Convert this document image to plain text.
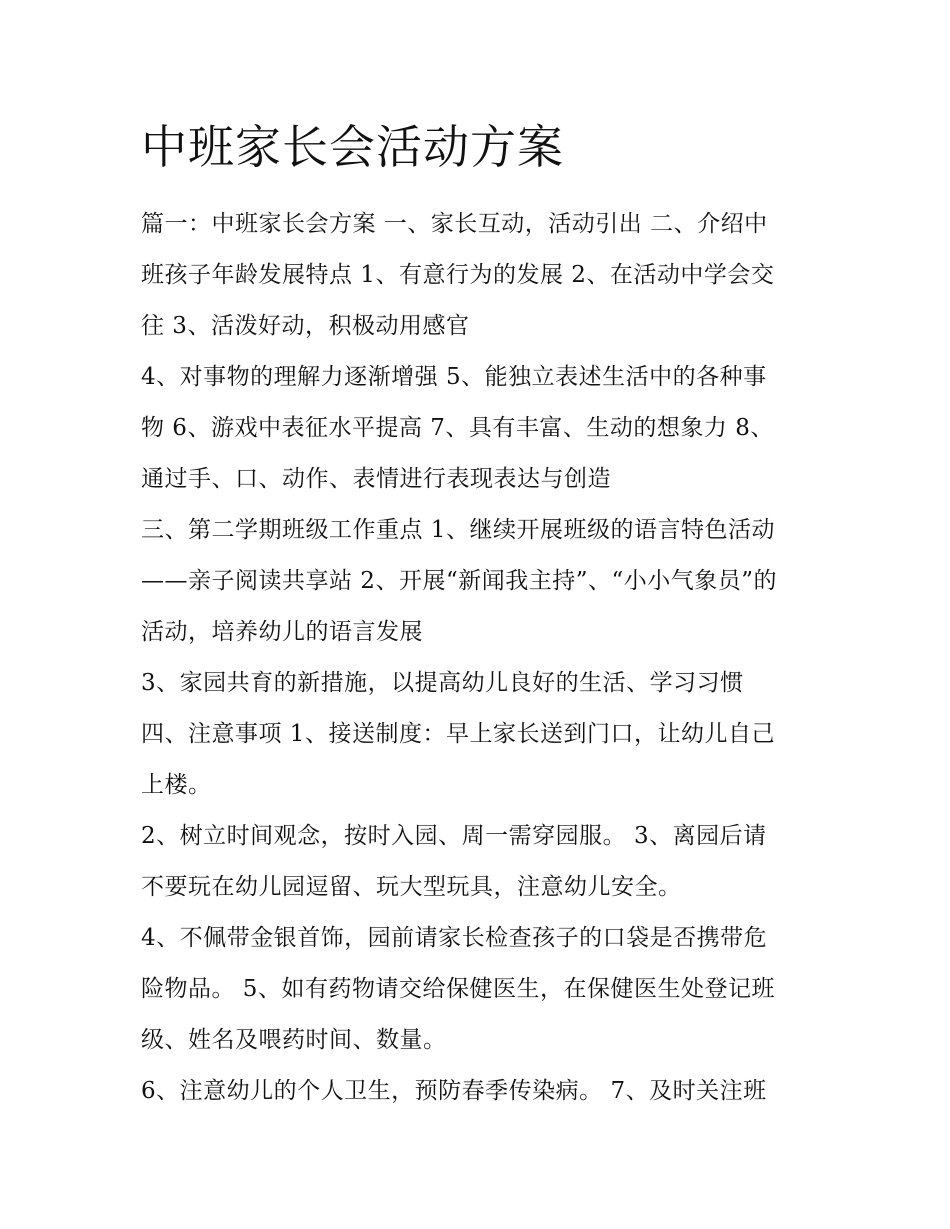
中班家长会活动方案
篇一：中班家长会方案 一、家长互动，活动引出 二、介绍中
班孩子年龄发展特点 1、有意行为的发展 2、在活动中学会交
往 3、活泼好动，积极动用感官
4、对事物的理解力逐渐增强 5、能独立表述生活中的各种事
物 6、游戏中表征水平提高 7、具有丰富、生动的想象力 8、
通过手、口、动作、表情进行表现表达与创造
三、第二学期班级工作重点 1、继续开展班级的语言特色活动
——亲子阅读共享站 2、开展“新闻我主持”、“小小气象员”的
活动，培养幼儿的语言发展
3、家园共育的新措施，以提高幼儿良好的生活、学习习惯
四、注意事项 1、接送制度：早上家长送到门口，让幼儿自己
上楼。
2、树立时间观念，按时入园、周一需穿园服。 3、离园后请
不要玩在幼儿园逗留、玩大型玩具，注意幼儿安全。
4、不佩带金银首饰，园前请家长检查孩子的口袋是否携带危
险物品。 5、如有药物请交给保健医生，在保健医生处登记班
级、姓名及喂药时间、数量。
6、注意幼儿的个人卫生，预防春季传染病。 7、及时关注班
